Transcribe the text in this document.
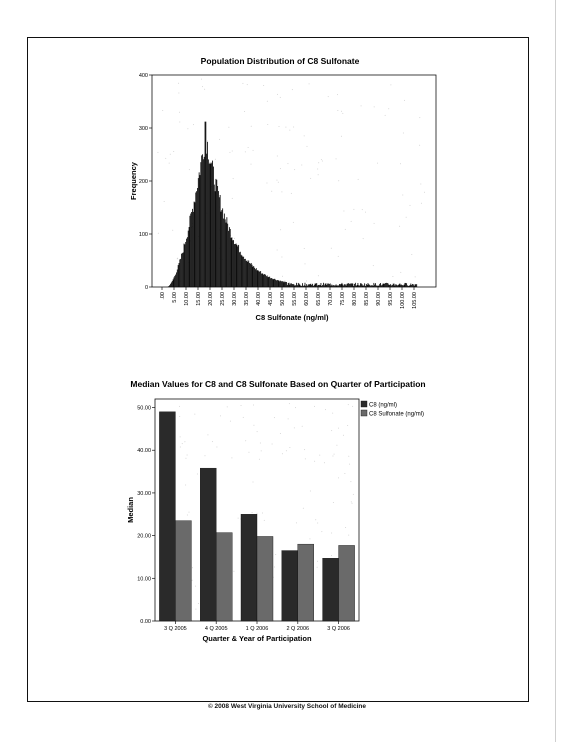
Population Distribution of C8 Sulfonate
0
100
200
300
400
.00 5.00 10.00 15.00 20.00 25.00 30.00 35.00 40.00 45.00 50.00 55.00 60.00 65.00 70.00 75.00 80.00 85.00 90.00 95.00 100.00 105.00
Frequency
C8 Sulfonate (ng/ml)
Median Values for C8 and C8 Sulfonate Based on Quarter of Participation
0.00
10.00
20.00
30.00
40.00
50.00
3 Q 2005	4 Q 2005	1 Q 2006	2 Q 2006	3 Q 2006
Median
Quarter & Year of Participation
C8 (ng/ml)
C8 Sulfonate (ng/ml)
© 2008 West Virginia University School of Medicine
